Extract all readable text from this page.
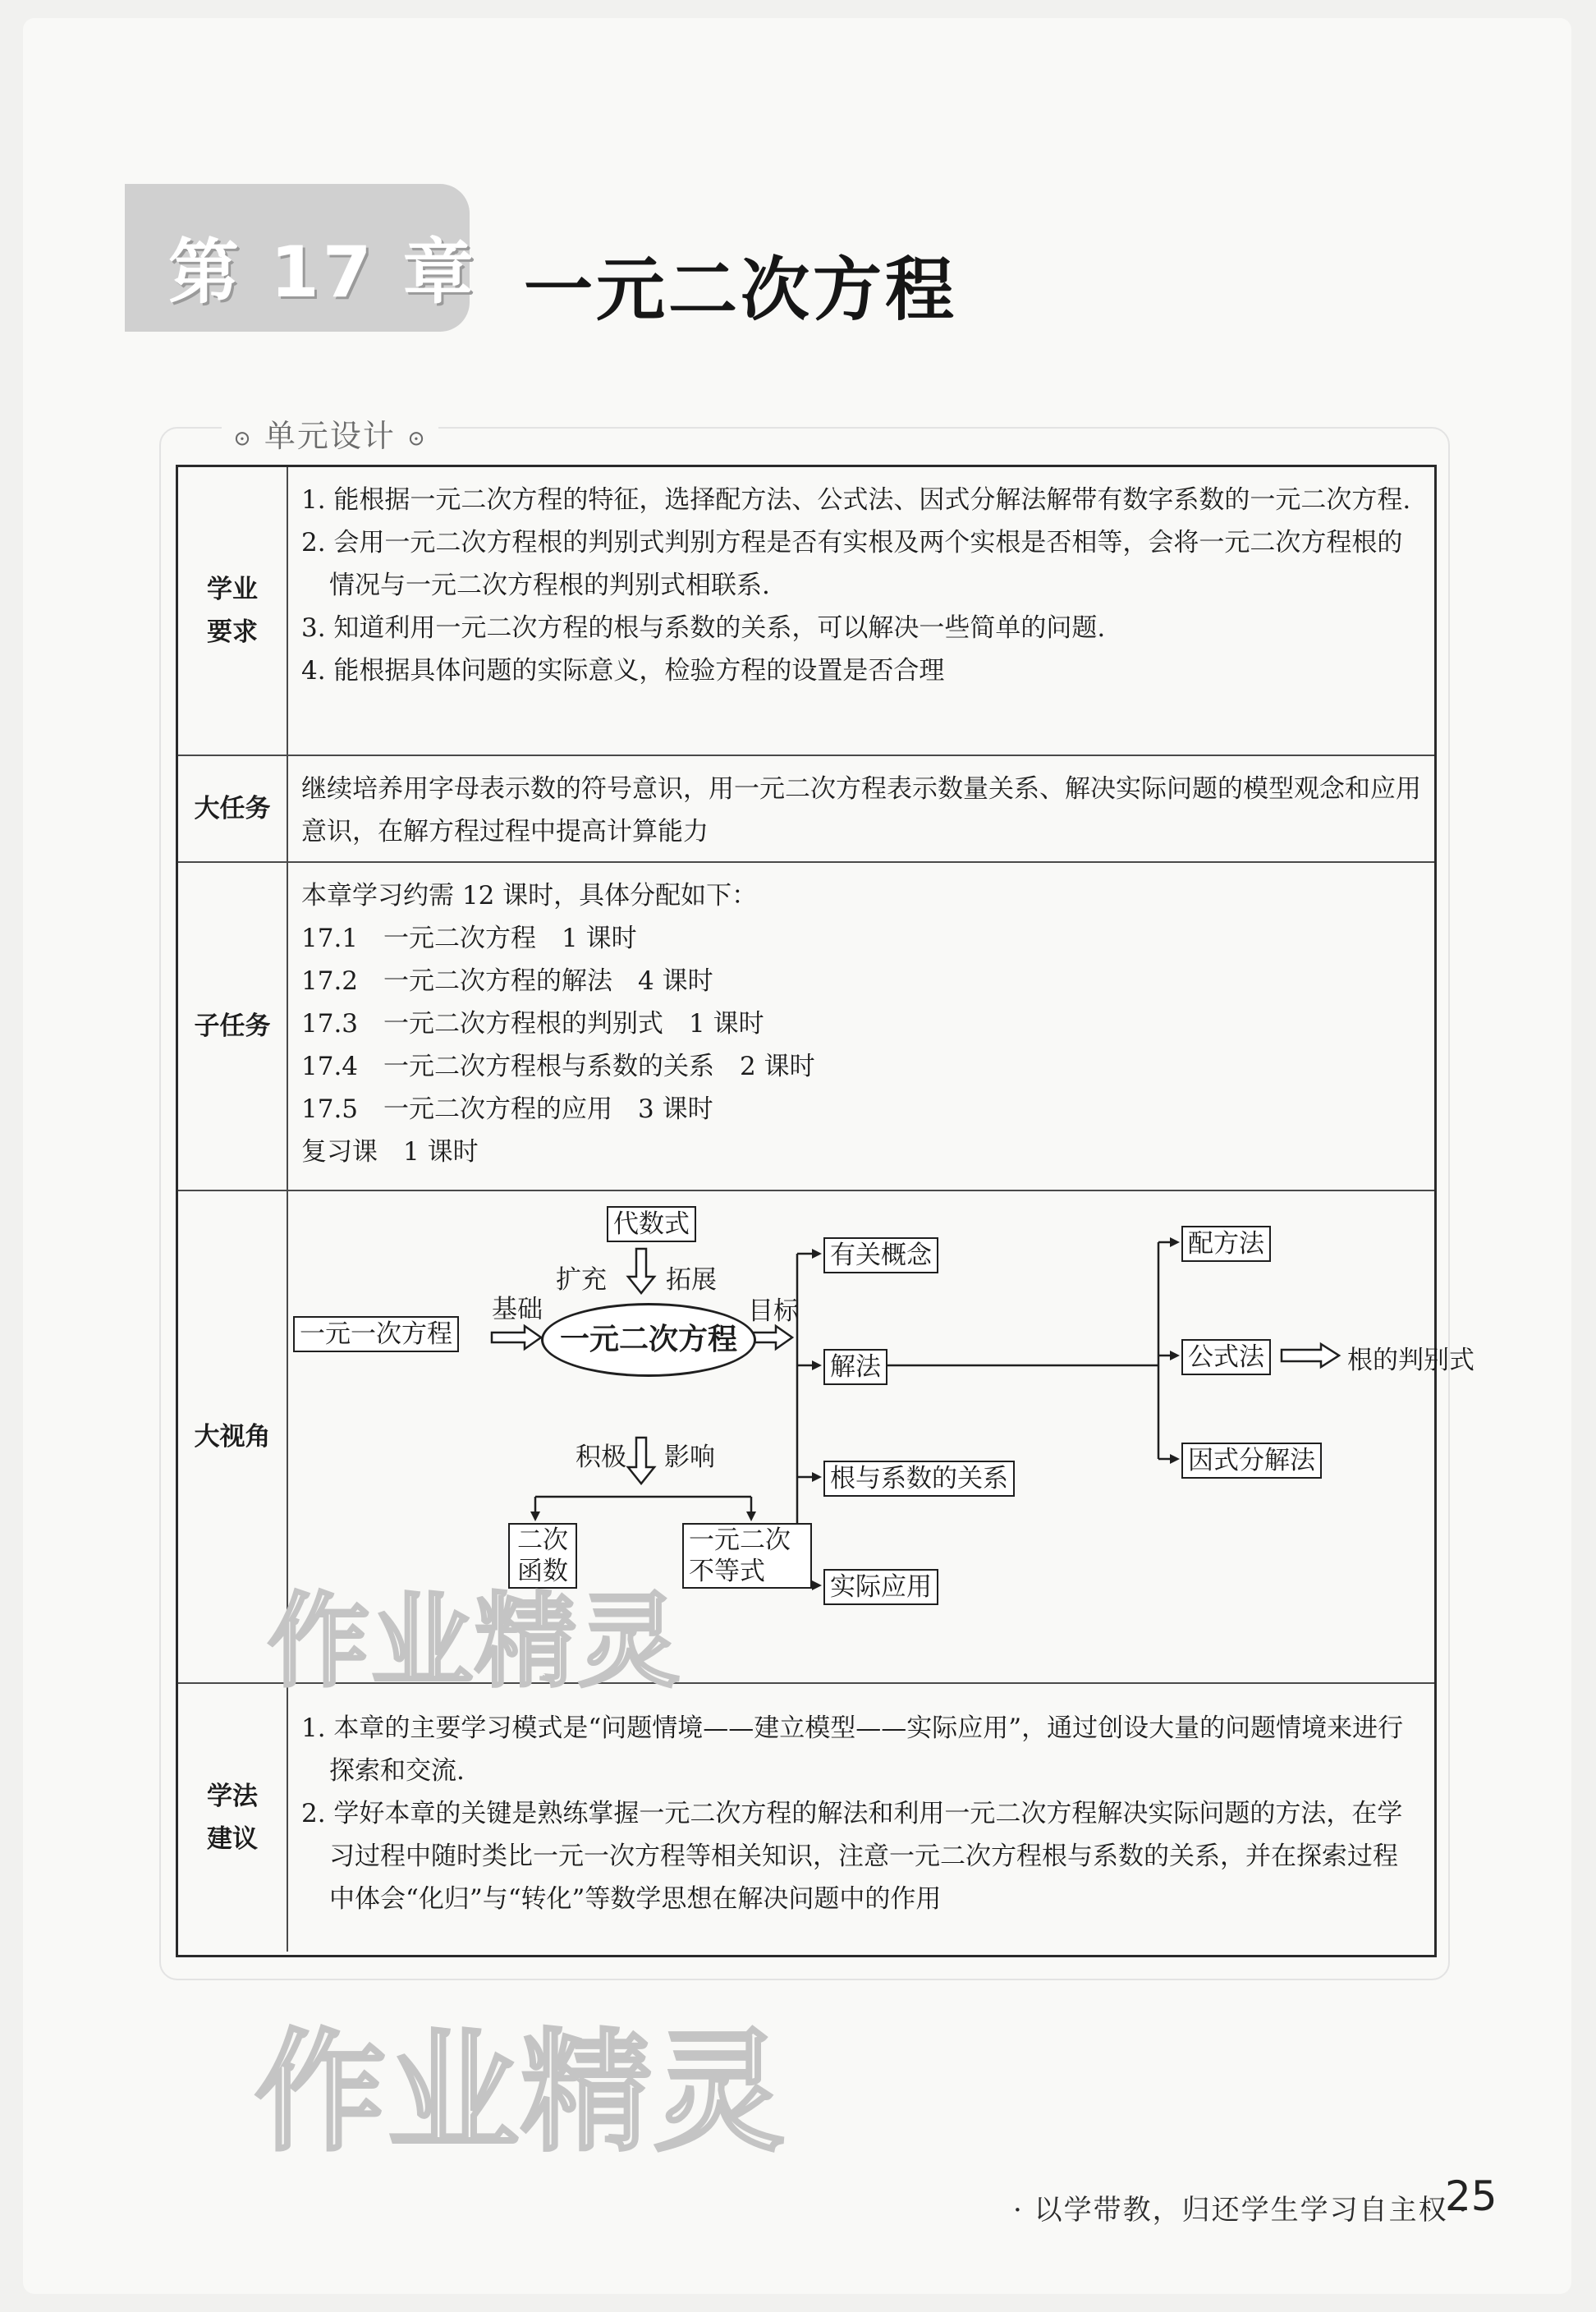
第 17 章 一元二次方程
⊙ 单元设计 ⊙
学业
要求
1. 能根据一元二次方程的特征，选择配方法、公式法、因式分解法解带有数字系数的一元二次方程.
2. 会用一元二次方程根的判别式判别方程是否有实根及两个实根是否相等，会将一元二次方程根的情况与一元二次方程根的判别式相联系.
3. 知道利用一元二次方程的根与系数的关系，可以解决一些简单的问题.
4. 能根据具体问题的实际意义，检验方程的设置是否合理
大任务
继续培养用字母表示数的符号意识，用一元二次方程表示数量关系、解决实际问题的模型观念和应用意识，在解方程过程中提高计算能力
子任务
本章学习约需 12 课时，具体分配如下：
17.1　一元二次方程　1 课时
17.2　一元二次方程的解法　4 课时
17.3　一元二次方程根的判别式　1 课时
17.4　一元二次方程根与系数的关系　2 课时
17.5　一元二次方程的应用　3 课时
复习课　1 课时
大视角
代数式
扩充 拓展
一元一次方程
基础
一元二次方程
目标
积极 影响
二次
函数
一元二次
不等式
有关概念
解法
根与系数的关系
实际应用
配方法
公式法
因式分解法
根的判别式
学法
建议
1. 本章的主要学习模式是“问题情境——建立模型——实际应用”，通过创设大量的问题情境来进行探索和交流.
2. 学好本章的关键是熟练掌握一元二次方程的解法和利用一元二次方程解决实际问题的方法，在学习过程中随时类比一元一次方程等相关知识，注意一元二次方程根与系数的关系，并在探索过程中体会“化归”与“转化”等数学思想在解决问题中的作用
作业精灵
作业精灵
· 以学带教，归还学生学习自主权 ·
25
